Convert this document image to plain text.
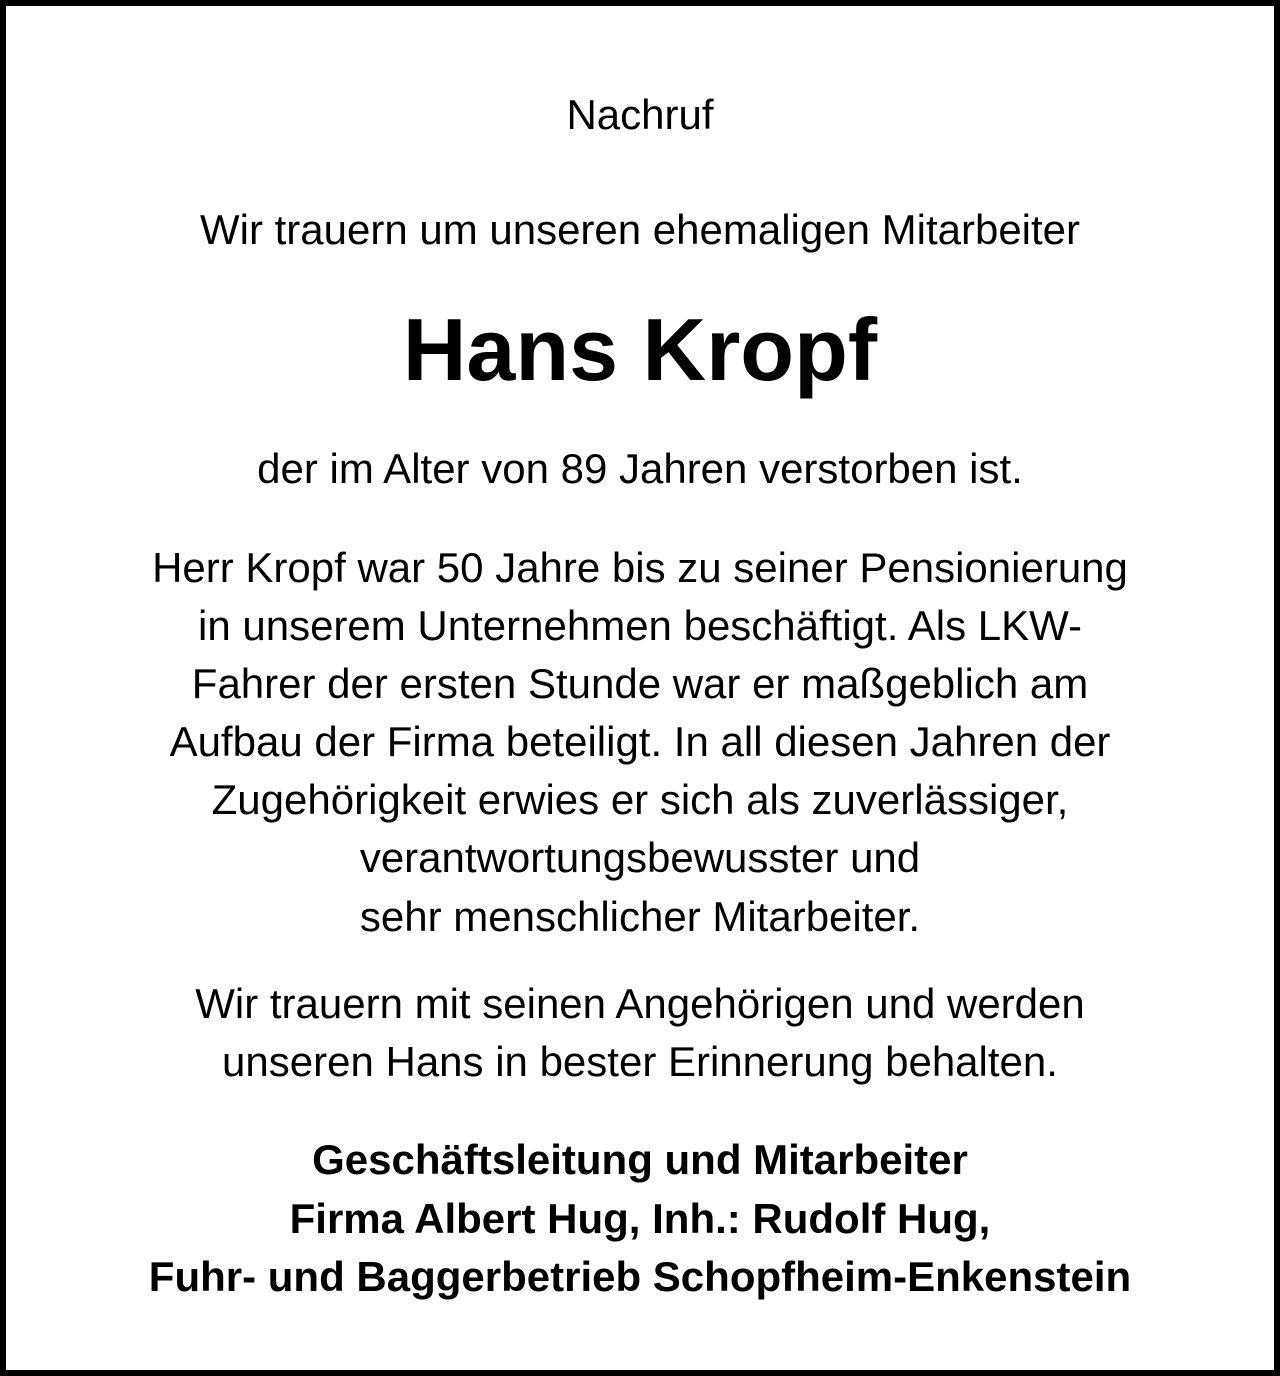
Nachruf
Wir trauern um unseren ehemaligen Mitarbeiter
Hans Kropf
der im Alter von 89 Jahren verstorben ist.
Herr Kropf war 50 Jahre bis zu seiner Pensionierung
in unserem Unternehmen beschäftigt. Als LKW-
Fahrer der ersten Stunde war er maßgeblich am
Aufbau der Firma beteiligt. In all diesen Jahren der
Zugehörigkeit erwies er sich als zuverlässiger,
verantwortungsbewusster und
sehr menschlicher Mitarbeiter.
Wir trauern mit seinen Angehörigen und werden
unseren Hans in bester Erinnerung behalten.
Geschäftsleitung und Mitarbeiter
Firma Albert Hug, Inh.: Rudolf Hug,
Fuhr- und Baggerbetrieb Schopfheim-Enkenstein
